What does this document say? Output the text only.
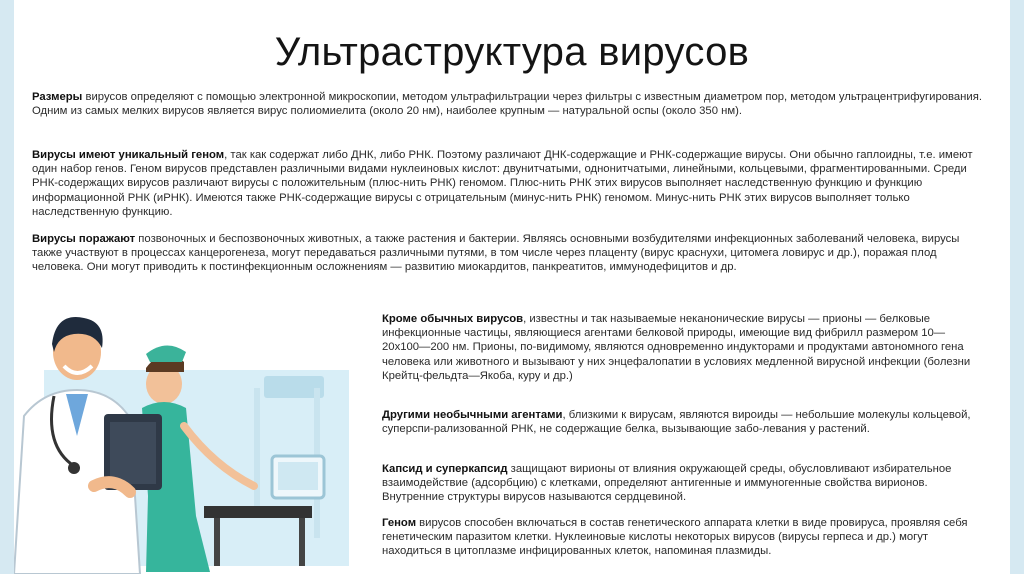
Ультраструктура вирусов
Размеры вирусов определяют с помощью электронной микроскопии, методом ультрафильтрации через фильтры с известным диаметром пор, методом ультрацентрифугирования. Одним из самых мелких вирусов является вирус полиомиелита (около 20 нм), наиболее крупным — натуральной оспы (около 350 нм).
Вирусы имеют уникальный геном, так как содержат либо ДНК, либо РНК. Поэтому различают ДНК-содержащие и РНК-содержащие вирусы. Они обычно гаплоидны, т.е. имеют один набор генов. Геном вирусов представлен различными видами нуклеиновых кислот: двунитчатыми, однонитчатыми, линейными, кольцевыми, фрагментированными. Среди РНК-содержащих вирусов различают вирусы с положительным (плюс-нить РНК) геномом. Плюс-нить РНК этих вирусов выполняет наследственную функцию и функцию информационной РНК (иРНК). Имеются также РНК-содержащие вирусы с отрицательным (минус-нить РНК) геномом. Минус-нить РНК этих вирусов выполняет только наследственную функцию.
Вирусы поражают позвоночных и беспозвоночных животных, а также растения и бактерии. Являясь основными возбудителями инфекционных заболеваний человека, вирусы также участвуют в процессах канцерогенеза, могут передаваться различными путями, в том числе через плаценту (вирус краснухи, цитомега ловирус и др.), поражая плод человека. Они могут приводить к постинфекционным осложнениям — развитию миокардитов, панкреатитов, иммунодефицитов и др.
Кроме обычных вирусов, известны и так называемые неканонические вирусы — прионы — белковые инфекционные частицы, являющиеся агентами белковой природы, имеющие вид фибрилл размером 10—20x100—200 нм. Прионы, по-видимому, являются одновременно индукторами и продуктами автономного гена человека или животного и вызывают у них энцефалопатии в условиях медленной вирусной инфекции (болезни Крейтц-фельдта—Якоба, куру и др.)
Другими необычными агентами, близкими к вирусам, являются вироиды — небольшие молекулы кольцевой, суперспи-рализованной РНК, не содержащие белка, вызывающие забо-левания у растений.
Капсид и суперкапсид защищают вирионы от влияния окружающей среды, обусловливают избирательное взаимодействие (адсорбцию) с клетками, определяют антигенные и иммуногенные свойства вирионов. Внутренние структуры вирусов называются сердцевиной.
Геном вирусов способен включаться в состав генетического аппарата клетки в виде провируса, проявляя себя генетическим паразитом клетки. Нуклеиновые кислоты некоторых вирусов (вирусы герпеса и др.) могут находиться в цитоплазме инфицированных клеток, напоминая плазмиды.
